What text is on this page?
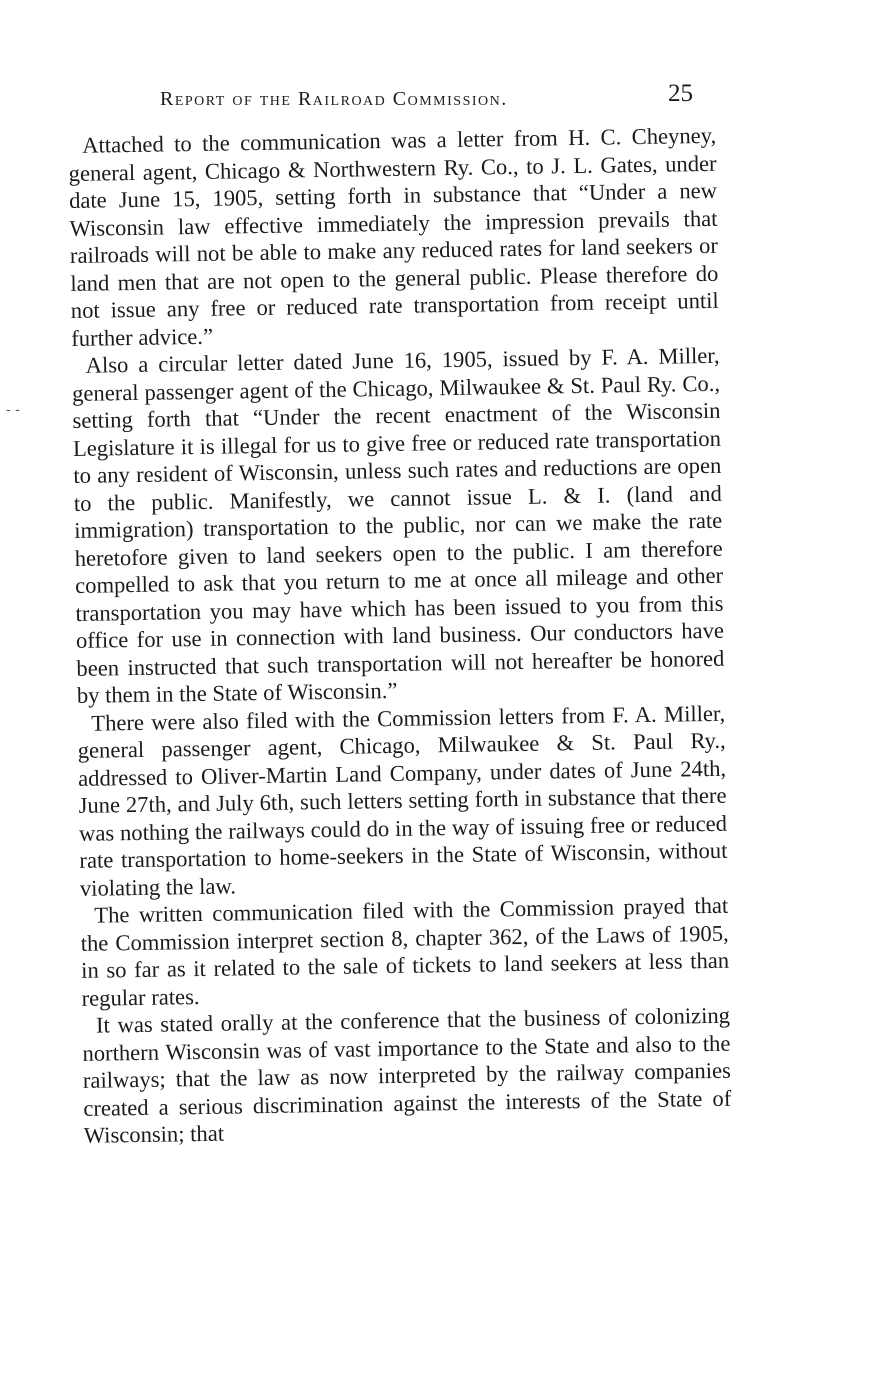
Report of the Railroad Commission.	25
- -

Attached to the communication was a letter from H. C. Cheyney, general agent, Chicago & Northwestern Ry. Co., to J. L. Gates, under date June 15, 1905, setting forth in substance that “Under a new Wisconsin law effective immediately the impression prevails that railroads will not be able to make any reduced rates for land seekers or land men that are not open to the general public. Please therefore do not issue any free or reduced rate transportation from receipt until further advice.”

Also a circular letter dated June 16, 1905, issued by F. A. Miller, general passenger agent of the Chicago, Milwaukee & St. Paul Ry. Co., setting forth that “Under the recent enactment of the Wisconsin Legislature it is illegal for us to give free or reduced rate transportation to any resident of Wisconsin, unless such rates and reductions are open to the public. Manifestly, we cannot issue L. & I. (land and immigration) transportation to the public, nor can we make the rate heretofore given to land seekers open to the public. I am therefore compelled to ask that you return to me at once all mileage and other transportation you may have which has been issued to you from this office for use in connection with land business. Our conductors have been instructed that such transportation will not hereafter be honored by them in the State of Wisconsin.”

There were also filed with the Commission letters from F. A. Miller, general passenger agent, Chicago, Milwaukee & St. Paul Ry., addressed to Oliver-Martin Land Company, under dates of June 24th, June 27th, and July 6th, such letters setting forth in substance that there was nothing the railways could do in the way of issuing free or reduced rate transportation to home-seekers in the State of Wisconsin, without violating the law.

The written communication filed with the Commission prayed that the Commission interpret section 8, chapter 362, of the Laws of 1905, in so far as it related to the sale of tickets to land seekers at less than regular rates.

It was stated orally at the conference that the business of colonizing northern Wisconsin was of vast importance to the State and also to the railways; that the law as now interpreted by the railway companies created a serious discrimination against the interests of the State of Wisconsin; that
